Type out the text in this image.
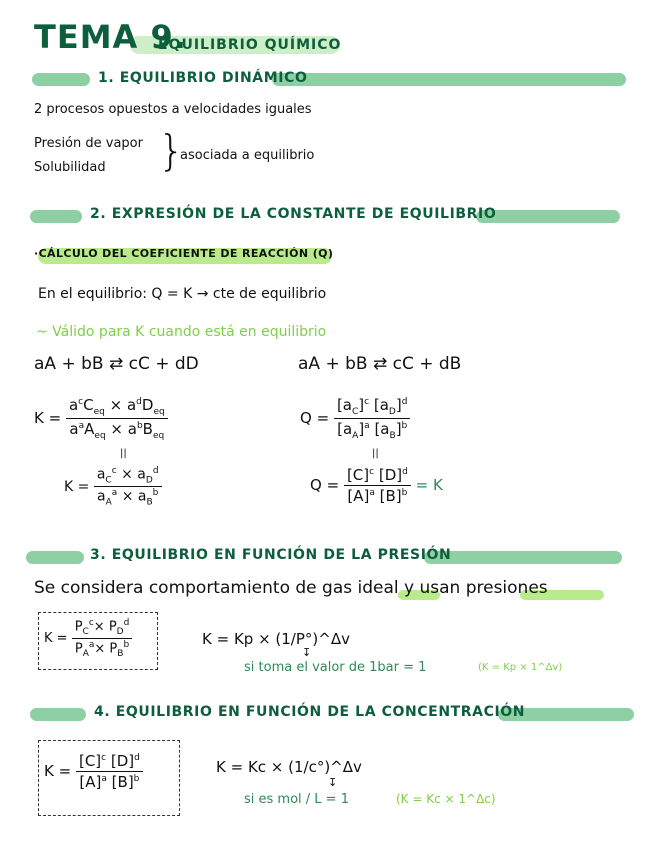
TEMA 9.
EQUILIBRIO QUÍMICO
1. EQUILIBRIO DINÁMICO
2 procesos opuestos a velocidades iguales
Presión de vapor
Solubilidad }
asociada a equilibrio
2. EXPRESIÓN DE LA CONSTANTE DE EQUILIBRIO
·CÁLCULO DEL COEFICIENTE DE REACCIÓN (Q)
En el equilibrio: Q = K → cte de equilibrio
~ Válido para K cuando está en equilibrio
aA + bB ⇄ cC + dD	aA + bB ⇄ cC + dB
$K = \frac{a^cC_{eq} \times a^dD_{eq}}{a^aA_{eq} \times a^bB_{eq}}$
||
$K = \frac{a_C^c \times a_D^d}{a_A^a \times a_B^b}$
$Q = \frac{[a_C]^c [a_D]^d}{[a_A]^a [a_B]^b}$
||
$Q = \frac{[C]^c [D]^d}{[A]^a [B]^b} = K$
3. EQUILIBRIO EN FUNCIÓN DE LA PRESIÓN
Se considera comportamiento de gas ideal y usan presiones
$K = \frac{P_C^c\times P_D^d}{P_A^a\times P_B^b}$	K = Kp × (1/P°)^Δv
↧
si toma el valor de 1bar = 1	(K = Kp × 1^Δv)
4. EQUILIBRIO EN FUNCIÓN DE LA CONCENTRACIÓN
$K = \frac{[C]^c [D]^d}{[A]^a [B]^b}$	K = Kc × (1/c°)^Δv
↧
si es mol / L = 1	(K = Kc × 1^Δc)
